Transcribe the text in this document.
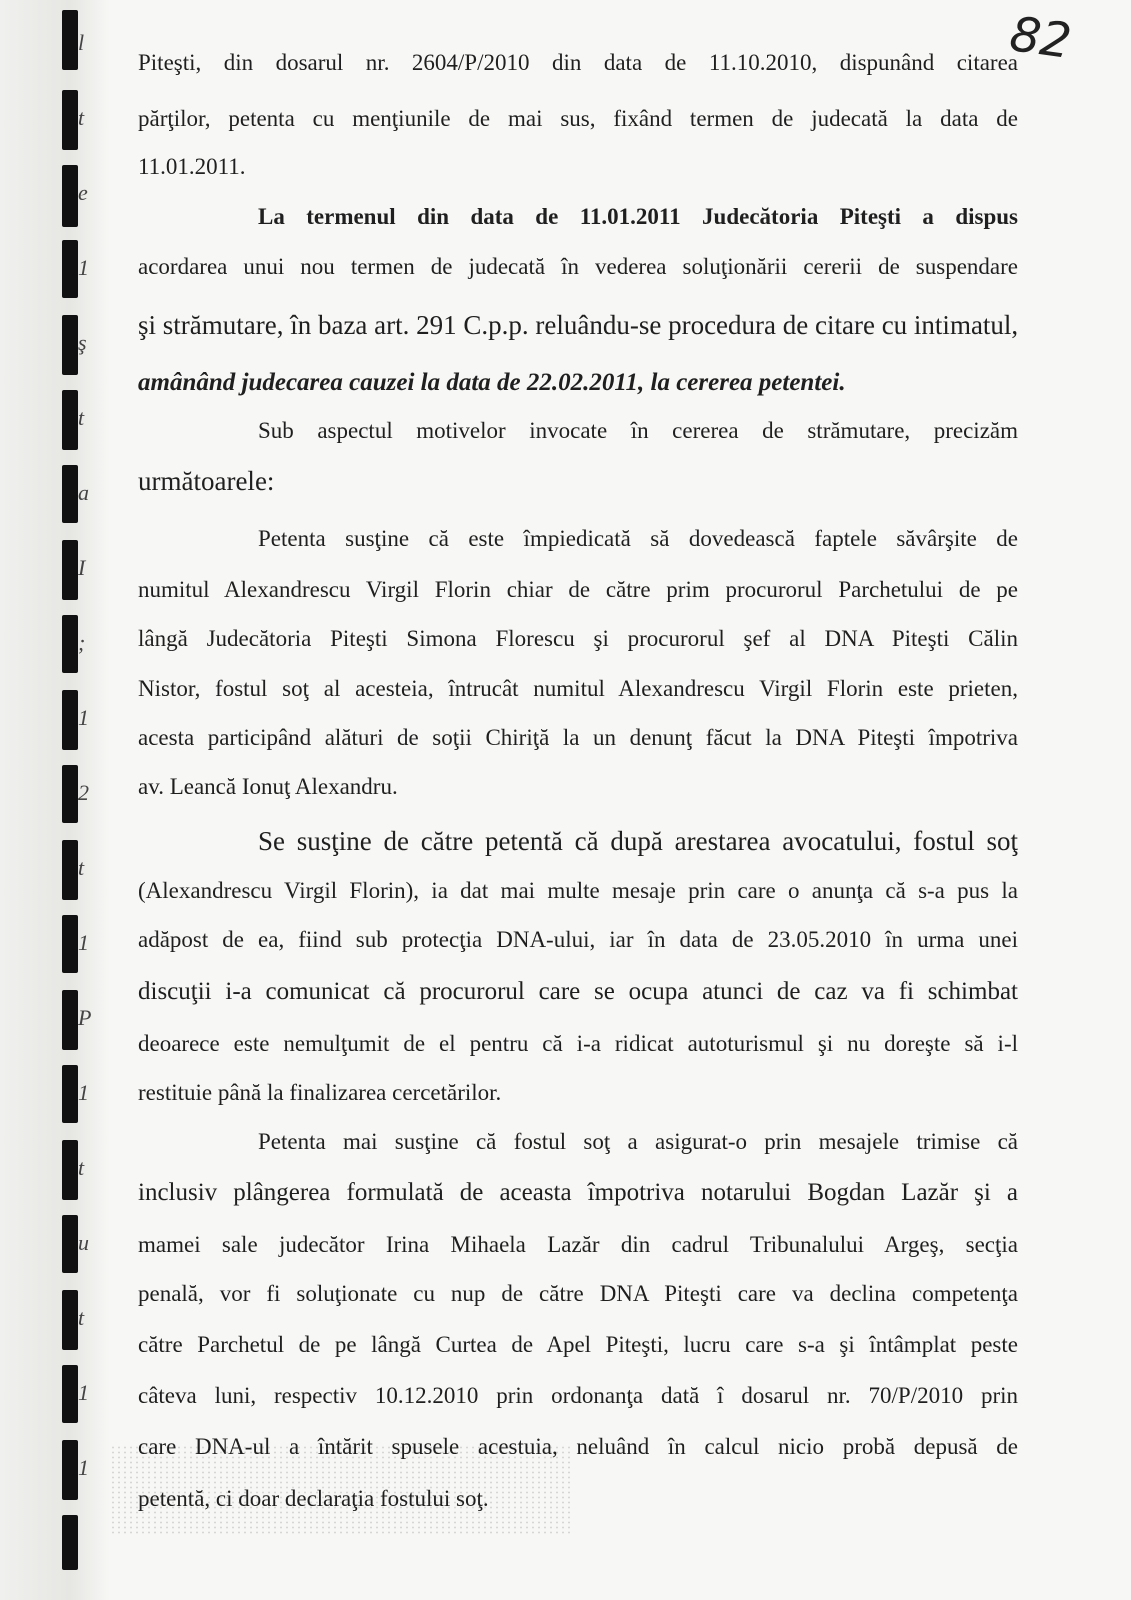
l
t
e
1
ş
t
a
I
;
1
2
t
1
P
1
t
u
t
1
1
82
Piteşti, din dosarul nr. 2604/P/2010 din data de 11.10.2010, dispunând citarea
părţilor, petenta cu menţiunile de mai sus, fixând termen de judecată la data de
11.01.2011.
La termenul din data de 11.01.2011 Judecătoria Piteşti a dispus
acordarea unui nou termen de judecată în vederea soluţionării cererii de suspendare
şi strămutare, în baza art. 291 C.p.p. reluându-se procedura de citare cu intimatul,
amânând judecarea cauzei la data de 22.02.2011, la cererea petentei.
Sub aspectul motivelor invocate în cererea de strămutare, precizăm
următoarele:
Petenta susţine că este împiedicată să dovedească faptele săvârşite de
numitul Alexandrescu Virgil Florin chiar de către prim procurorul Parchetului de pe
lângă Judecătoria Piteşti Simona Florescu şi procurorul şef al DNA Piteşti Călin
Nistor, fostul soţ al acesteia, întrucât numitul Alexandrescu Virgil Florin este prieten,
acesta participând alături de soţii Chiriţă la un denunţ făcut la DNA Piteşti împotriva
av. Leancă Ionuţ Alexandru.
Se susţine de către petentă că după arestarea avocatului, fostul soţ
(Alexandrescu Virgil Florin), ia dat mai multe mesaje prin care o anunţa că s-a pus la
adăpost de ea, fiind sub protecţia DNA-ului, iar în data de 23.05.2010 în urma unei
discuţii i-a comunicat că procurorul care se ocupa atunci de caz va fi schimbat
deoarece este nemulţumit de el pentru că i-a ridicat autoturismul şi nu doreşte să i-l
restituie până la finalizarea cercetărilor.
Petenta mai susţine că fostul soţ a asigurat-o prin mesajele trimise că
inclusiv plângerea formulată de aceasta împotriva notarului Bogdan Lazăr şi a
mamei sale judecător Irina Mihaela Lazăr din cadrul Tribunalului Argeş, secţia
penală, vor fi soluţionate cu nup de către DNA Piteşti care va declina competenţa
către Parchetul de pe lângă Curtea de Apel Piteşti, lucru care s-a şi întâmplat peste
câteva luni, respectiv 10.12.2010 prin ordonanţa dată î dosarul nr. 70/P/2010 prin
care DNA-ul a întărit spusele acestuia, neluând în calcul nicio probă depusă de
petentă, ci doar declaraţia fostului soţ.
